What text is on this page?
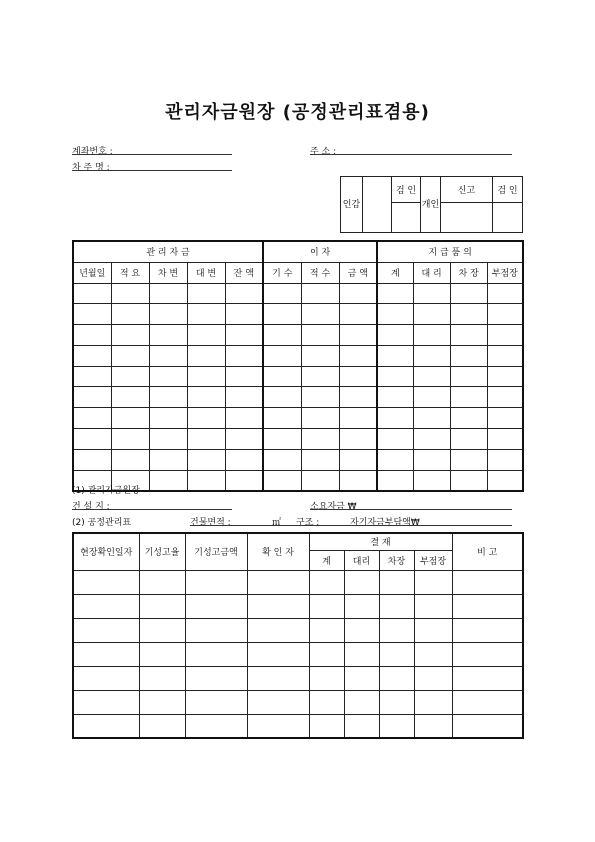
관리자금원장 (공정관리표겸용)
계좌번호 :	주 소 :
차 주 명 :
인감		검 인	개인	신고	검 인

관 리 자 금					이 자			지 급 품 의			
년월일	적 요	차 변	대 변	잔 액	기 수	적 수	금 액	계	대 리	차 장	부점장

(1) 관리자금원장
건 설 지 :	소요자금 ₩
(2) 공정관리표	건물면적 :	㎡ 구조 :	자기자금부담액₩
현장확인일자	기성고율	기성고금액	확 인 자	결 재				비 고
				계	대리	차장	부점장	
